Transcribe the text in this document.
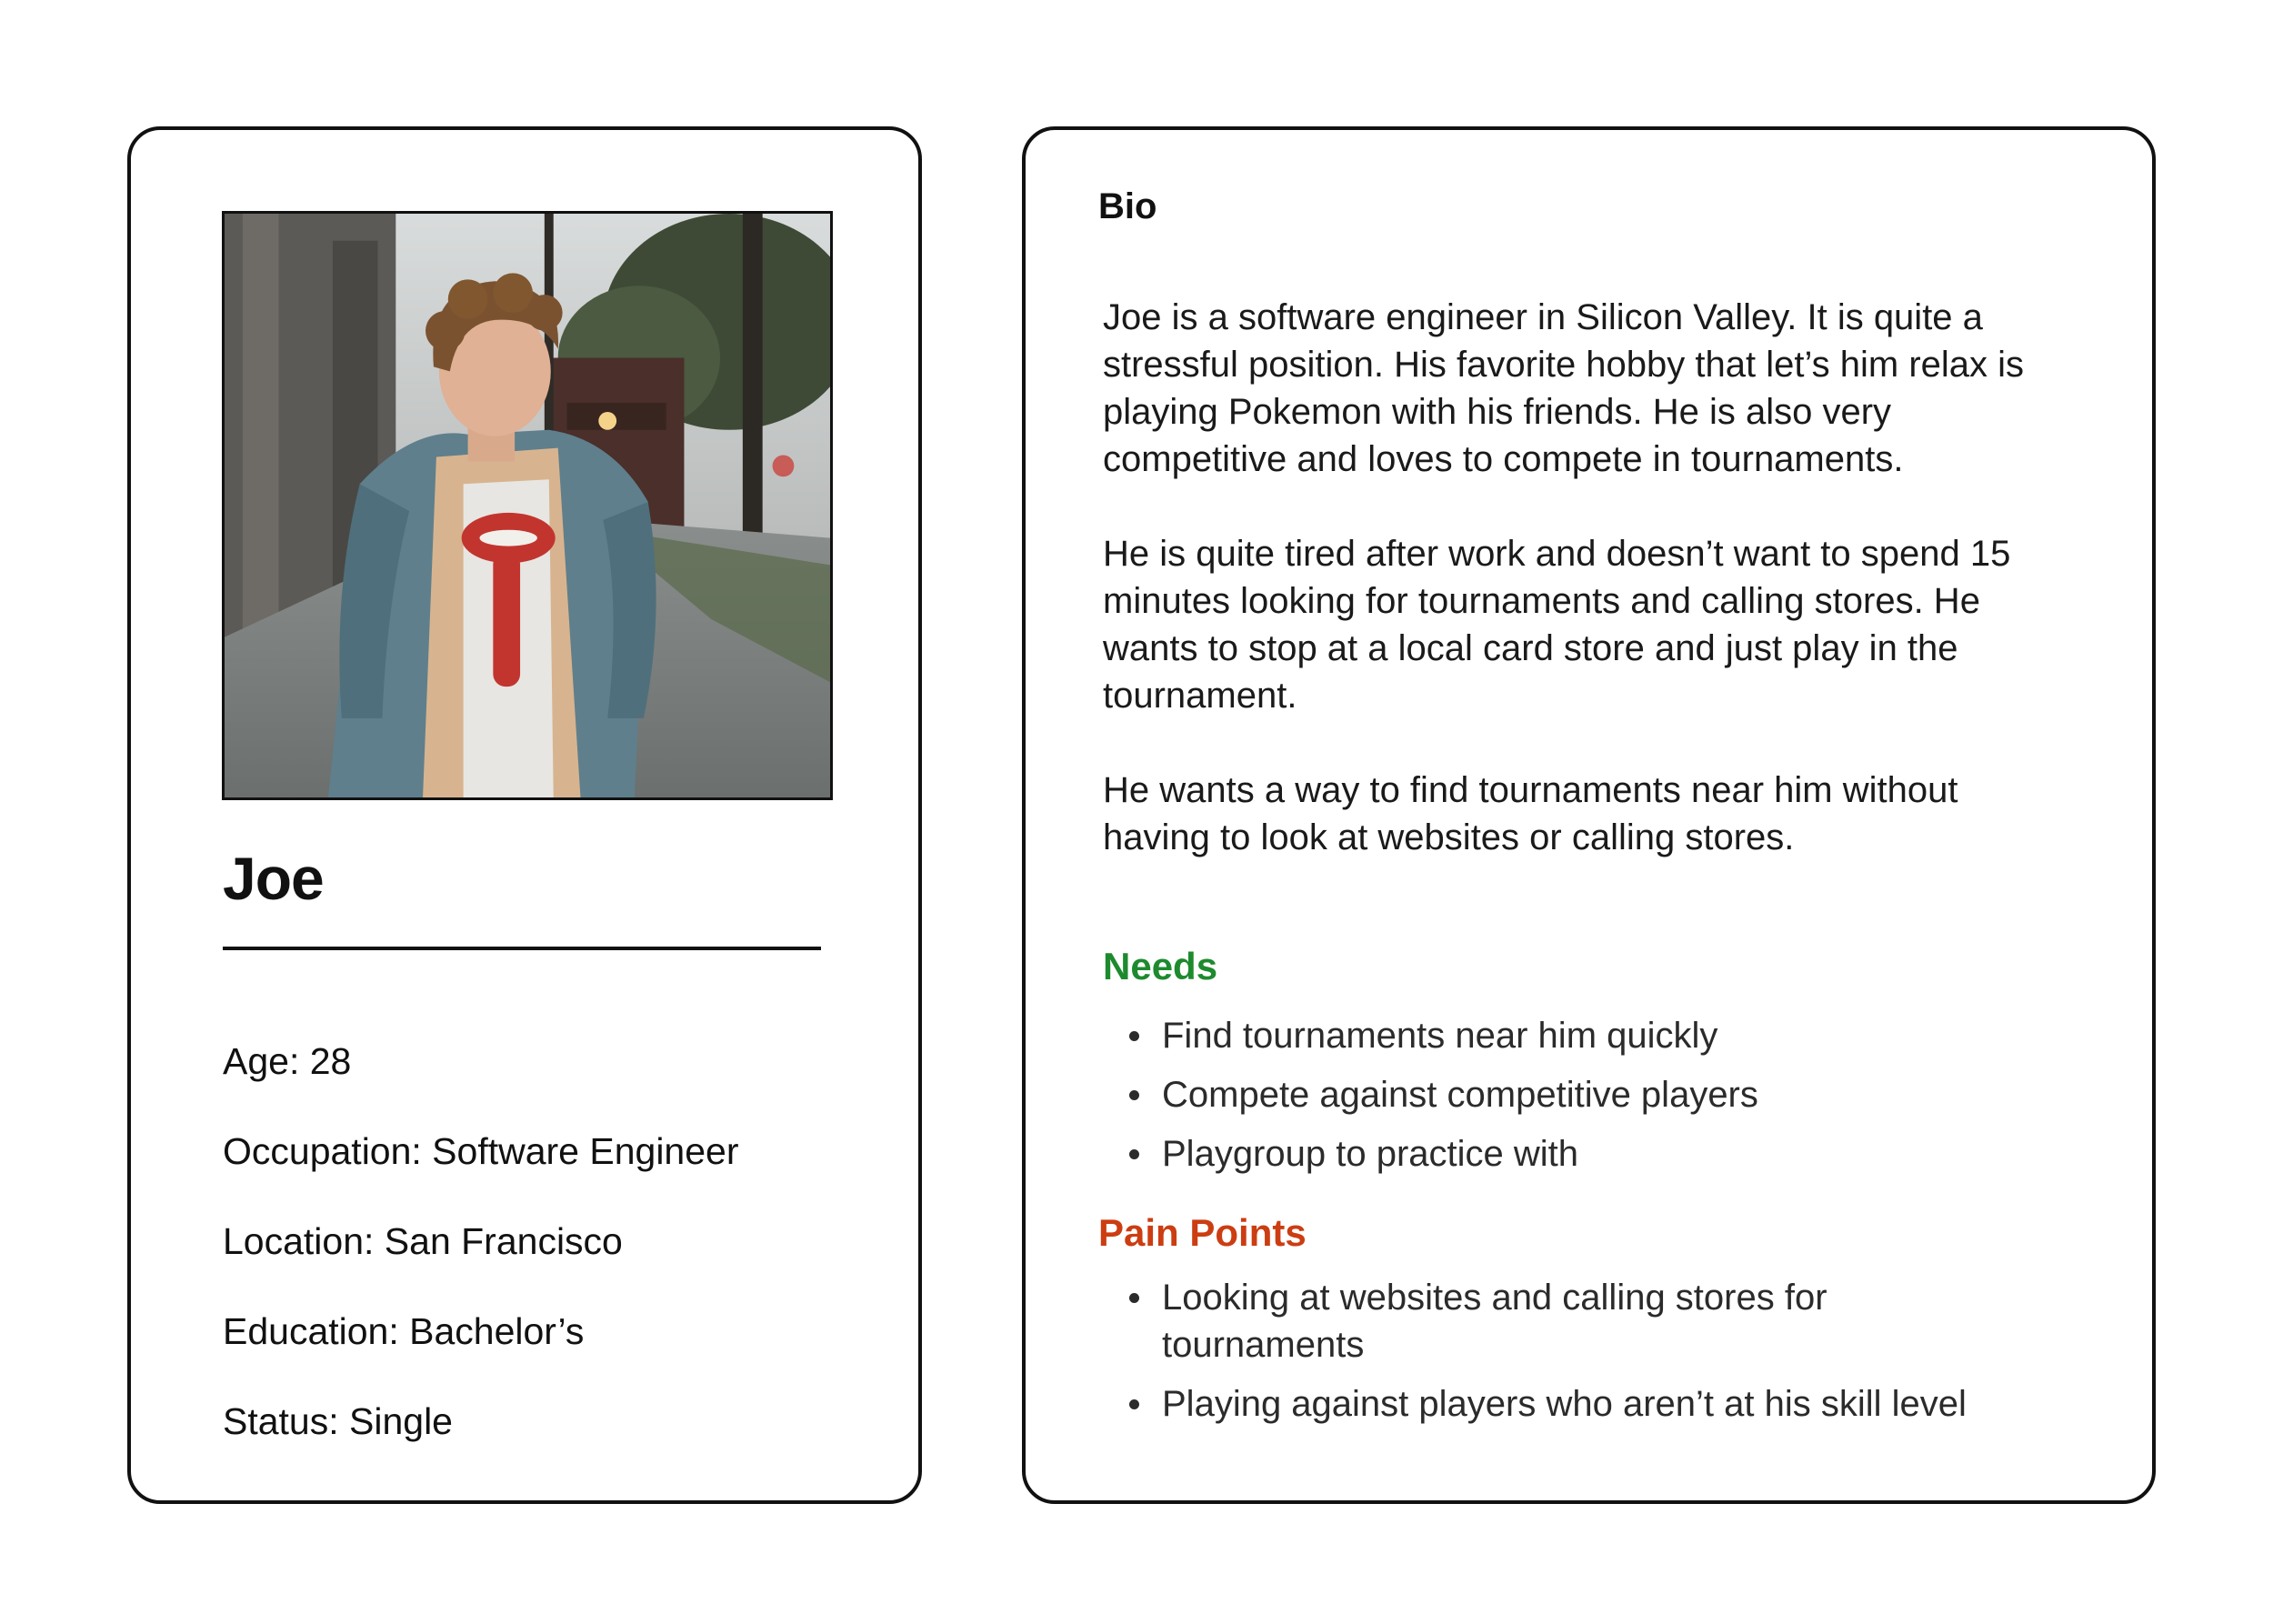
Joe
Age: 28
Occupation: Software Engineer
Location: San Francisco
Education: Bachelor’s
Status: Single
Bio

Joe is a software engineer in Silicon Valley. It is quite a stressful position. His favorite hobby that let’s him relax is playing Pokemon with his friends. He is also very competitive and loves to compete in tournaments.

He is quite tired after work and doesn’t want to spend 15 minutes looking for tournaments and calling stores. He wants to stop at a local card store and just play in the tournament.

He wants a way to find tournaments near him without having to look at websites or calling stores.

Needs
Find tournaments near him quickly
Compete against competitive players
Playgroup to practice with
Pain Points
Looking at websites and calling stores for tournaments
Playing against players who aren’t at his skill level
